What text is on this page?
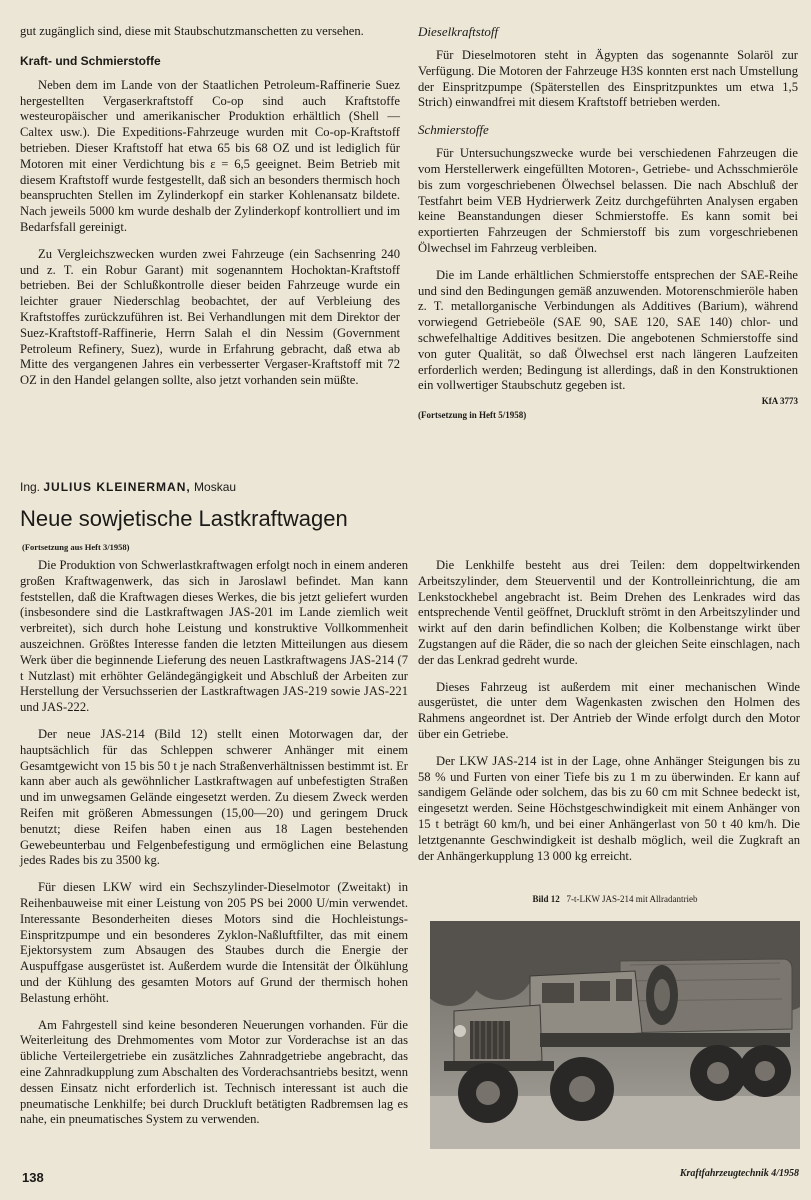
gut zugänglich sind, diese mit Staubschutzmanschetten zu versehen.

Kraft- und Schmierstoffe

Neben dem im Lande von der Staatlichen Petroleum-Raffinerie Suez hergestellten Vergaserkraftstoff Co-op sind auch Kraftstoffe westeuropäischer und amerikanischer Produktion erhältlich (Shell — Caltex usw.). Die Expeditions-Fahrzeuge wurden mit Co-op-Kraftstoff betrieben. Dieser Kraftstoff hat etwa 65 bis 68 OZ und ist lediglich für Motoren mit einer Verdichtung bis ε = 6,5 geeignet. Beim Betrieb mit diesem Kraftstoff wurde festgestellt, daß sich an besonders thermisch hoch beanspruchten Stellen im Zylinderkopf ein starker Kohlenansatz bildete. Nach jeweils 5000 km wurde deshalb der Zylinderkopf kontrolliert und im Bedarfsfall gereinigt.

Zu Vergleichszwecken wurden zwei Fahrzeuge (ein Sachsenring 240 und z. T. ein Robur Garant) mit sogenanntem Hochoktan-Kraftstoff betrieben. Bei der Schlußkontrolle dieser beiden Fahrzeuge wurde ein leichter grauer Niederschlag beobachtet, der auf Verbleiung des Kraftstoffes zurückzuführen ist. Bei Verhandlungen mit dem Direktor der Suez-Kraftstoff-Raffinerie, Herrn Salah el din Nessim (Government Petroleum Refinery, Suez), wurde in Erfahrung gebracht, daß etwa ab Mitte des vergangenen Jahres ein verbesserter Vergaser-Kraftstoff mit 72 OZ in den Handel gelangen sollte, also jetzt vorhanden sein müßte.

Dieselkraftstoff

Für Dieselmotoren steht in Ägypten das sogenannte Solaröl zur Verfügung. Die Motoren der Fahrzeuge H3S konnten erst nach Umstellung der Einspritzpumpe (Späterstellen des Einspritzpunktes um etwa 1,5 Strich) einwandfrei mit diesem Kraftstoff betrieben werden.

Schmierstoffe

Für Untersuchungszwecke wurde bei verschiedenen Fahrzeugen die vom Herstellerwerk eingefüllten Motoren-, Getriebe- und Achsschmieröle bis zum vorgeschriebenen Ölwechsel belassen. Die nach Abschluß der Testfahrt beim VEB Hydrierwerk Zeitz durchgeführten Analysen ergaben keine Beanstandungen dieser Schmierstoffe. Es kann somit bei exportierten Fahrzeugen der Schmierstoff bis zum vorgeschriebenen Ölwechsel im Fahrzeug verbleiben.

Die im Lande erhältlichen Schmierstoffe entsprechen der SAE-Reihe und sind den Bedingungen gemäß anzuwenden. Motorenschmieröle haben z. T. metallorganische Verbindungen als Additives (Barium), während vorwiegend Getriebeöle (SAE 90, SAE 120, SAE 140) chlor- und schwefelhaltige Additives besitzen. Die angebotenen Schmierstoffe sind von guter Qualität, so daß Ölwechsel erst nach längeren Laufzeiten erforderlich werden; Bedingung ist allerdings, daß in den Konstruktionen ein vollwertiger Staubschutz gegeben ist.

KfA 3773

(Fortsetzung in Heft 5/1958)

Ing. JULIUS KLEINERMAN, Moskau
Neue sowjetische Lastkraftwagen
(Fortsetzung aus Heft 3/1958)

Die Produktion von Schwerlastkraftwagen erfolgt noch in einem anderen großen Kraftwagenwerk, das sich in Jaroslawl befindet. Man kann feststellen, daß die Kraftwagen dieses Werkes, die bis jetzt geliefert wurden (insbesondere sind die Lastkraftwagen JAS-201 im Lande ziemlich weit verbreitet), sich durch hohe Leistung und konstruktive Vollkommenheit auszeichnen. Größtes Interesse fanden die letzten Mitteilungen aus diesem Werk über die beginnende Lieferung des neuen Lastkraftwagens JAS-214 (7 t Nutzlast) mit erhöhter Geländegängigkeit und Abschluß der Arbeiten zur Herstellung der Versuchsserien der Lastkraftwagen JAS-219 sowie JAS-221 und JAS-222.

Der neue JAS-214 (Bild 12) stellt einen Motorwagen dar, der hauptsächlich für das Schleppen schwerer Anhänger mit einem Gesamtgewicht von 15 bis 50 t je nach Straßenverhältnissen bestimmt ist. Er kann aber auch als gewöhnlicher Lastkraftwagen auf unbefestigten Straßen und im unwegsamen Gelände eingesetzt werden. Zu diesem Zweck werden Reifen mit größeren Abmessungen (15,00—20) und geringem Druck benutzt; diese Reifen haben einen aus 18 Lagen bestehenden Gewebeunterbau und Felgenbefestigung und ermöglichen eine Belastung jedes Rades bis zu 3500 kg.

Für diesen LKW wird ein Sechszylinder-Dieselmotor (Zweitakt) in Reihenbauweise mit einer Leistung von 205 PS bei 2000 U/min verwendet. Interessante Besonderheiten dieses Motors sind die Hochleistungs-Einspritzpumpe und ein besonderes Zyklon-Naßluftfilter, das mit einem Ejektorsystem zum Absaugen des Staubes durch die Energie der Auspuffgase ausgerüstet ist. Außerdem wurde die Intensität der Ölkühlung und der Kühlung des gesamten Motors auf Grund der thermisch hohen Belastung erhöht.

Am Fahrgestell sind keine besonderen Neuerungen vorhanden. Für die Weiterleitung des Drehmomentes vom Motor zur Vorderachse ist an das übliche Verteilergetriebe ein zusätzliches Zahnradgetriebe angebracht, das eine Zahnradkupplung zum Abschalten des Vorderachsantriebs besitzt, wenn dessen Einsatz nicht erforderlich ist. Technisch interessant ist auch die pneumatische Lenkhilfe; bei durch Druckluft betätigten Radbremsen lag es nahe, ein pneumatisches System zu verwenden.

Die Lenkhilfe besteht aus drei Teilen: dem doppeltwirkenden Arbeitszylinder, dem Steuerventil und der Kontrolleinrichtung, die am Lenkstockhebel angebracht ist. Beim Drehen des Lenkrades wird das entsprechende Ventil geöffnet, Druckluft strömt in den Arbeitszylinder und wirkt auf den darin befindlichen Kolben; die Kolbenstange wirkt über Zugstangen auf die Räder, die so nach der gleichen Seite einschlagen, nach der das Lenkrad gedreht wurde.

Dieses Fahrzeug ist außerdem mit einer mechanischen Winde ausgerüstet, die unter dem Wagenkasten zwischen den Holmen des Rahmens angeordnet ist. Der Antrieb der Winde erfolgt durch den Motor über ein Getriebe.

Der LKW JAS-214 ist in der Lage, ohne Anhänger Steigungen bis zu 58 % und Furten von einer Tiefe bis zu 1 m zu überwinden. Er kann auf sandigem Gelände oder solchem, das bis zu 60 cm mit Schnee bedeckt ist, eingesetzt werden. Seine Höchstgeschwindigkeit mit einem Anhänger von 15 t beträgt 60 km/h, und bei einer Anhängerlast von 50 t 40 km/h. Die letztgenannte Geschwindigkeit ist deshalb möglich, weil die Zugkraft an der Anhängerkupplung 13 000 kg erreicht.

Bild 12 7-t-LKW JAS-214 mit Allradantrieb
138	Kraftfahrzeugtechnik 4/1958
